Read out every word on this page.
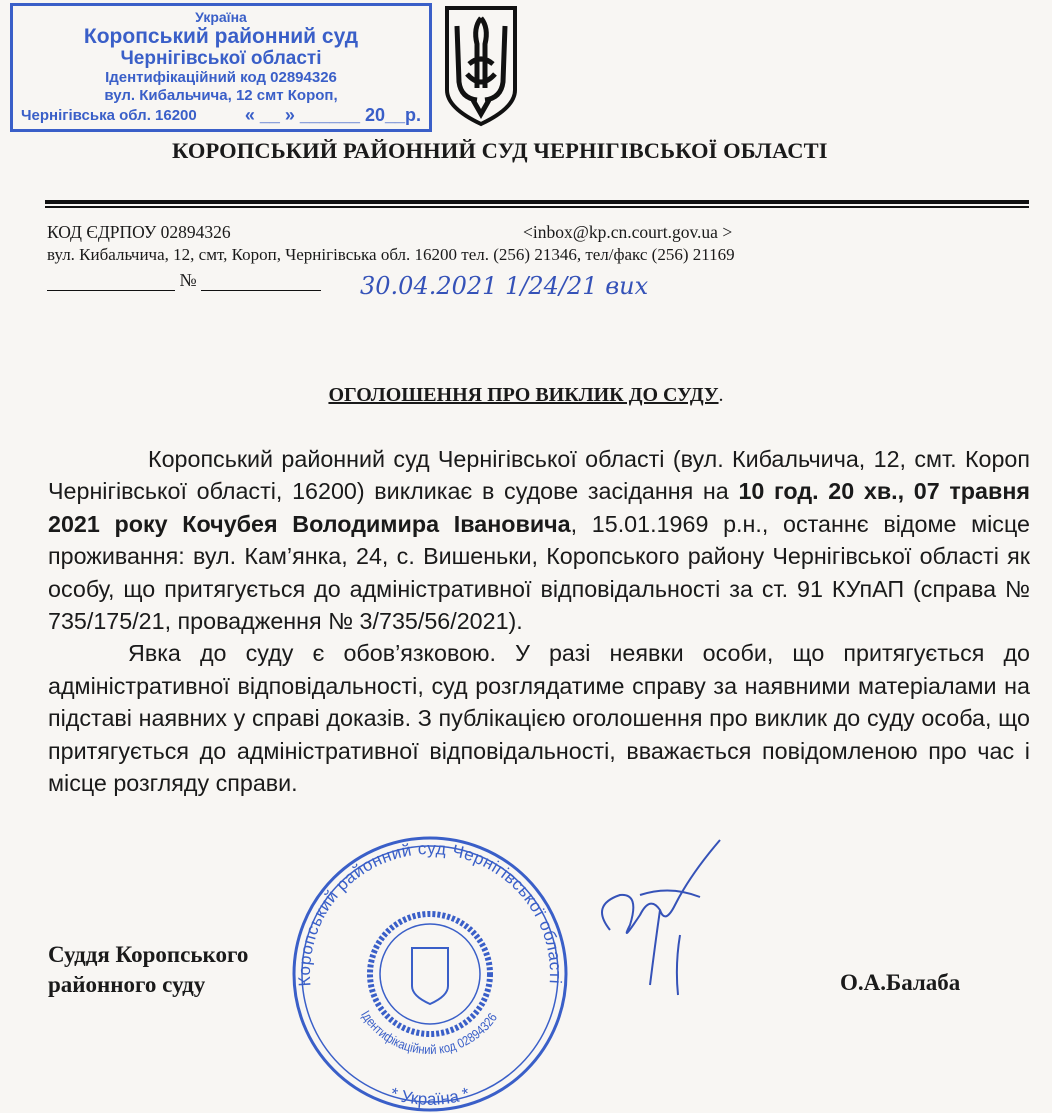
Україна
Коропський районний суд
Чернігівської області
Ідентифікаційний код 02894326
вул. Кибальчича, 12 смт Короп,
Чернігівська обл. 16200	« __ » ______ 20__р.
КОРОПСЬКИЙ РАЙОННИЙ СУД ЧЕРНІГІВСЬКОЇ ОБЛАСТІ
КОД ЄДРПОУ 02894326	<inbox@kp.cn.court.gov.ua >
вул. Кибальчича, 12, смт, Короп, Чернігівська обл. 16200 тел. (256) 21346, тел/факс (256) 21169
№	30.04.2021 1/24/21 вих
ОГОЛОШЕННЯ ПРО ВИКЛИК ДО СУДУ.

Коропський районний суд Чернігівської області (вул. Кибальчича, 12, смт. Короп Чернігівської області, 16200) викликає в судове засідання на 10 год. 20 хв., 07 травня 2021 року Кочубея Володимира Івановича, 15.01.1969 р.н., останнє відоме місце проживання: вул. Кам’янка, 24, с. Вишеньки, Коропського району Чернігівської області як особу, що притягується до адміністративної відповідальності за ст. 91 КУпАП (справа № 735/175/21, провадження № 3/735/56/2021).

Явка до суду є обов’язковою. У разі неявки особи, що притягується до адміністративної відповідальності, суд розглядатиме справу за наявними матеріалами на підставі наявних у справі доказів. З публікацією оголошення про виклик до суду особа, що притягується до адміністративної відповідальності, вважається повідомленою про час і місце розгляду справи.

Коропський районний суд Чернігівської області
Ідентифікаційний код 02894326
* Україна *
Суддя Коропського
районного суду	О.А.Балаба
